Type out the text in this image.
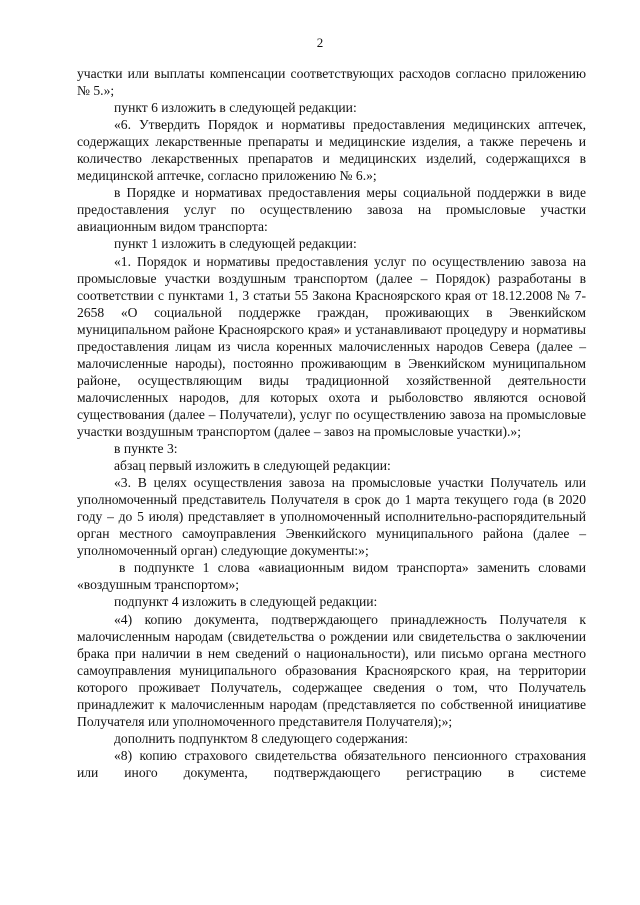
2

участки или выплаты компенсации соответствующих расходов согласно приложению № 5.»;

пункт 6 изложить в следующей редакции:

«6. Утвердить Порядок и нормативы предоставления медицинских аптечек, содержащих лекарственные препараты и медицинские изделия, а также перечень и количество лекарственных препаратов и медицинских изделий, содержащихся в медицинской аптечке, согласно приложению № 6.»;

в Порядке и нормативах предоставления меры социальной поддержки в виде предоставления услуг по осуществлению завоза на промысловые участки авиационным видом транспорта:

пункт 1 изложить в следующей редакции:

«1. Порядок и нормативы предоставления услуг по осуществлению завоза на промысловые участки воздушным транспортом (далее – Порядок) разработаны в соответствии с пунктами 1, 3 статьи 55 Закона Красноярского края от 18.12.2008 № 7-2658 «О социальной поддержке граждан, проживающих в Эвенкийском муниципальном районе Красноярского края» и устанавливают процедуру и нормативы предоставления лицам из числа коренных малочисленных народов Севера (далее – малочисленные народы), постоянно проживающим в Эвенкийском муниципальном районе, осуществляющим виды традиционной хозяйственной деятельности малочисленных народов, для которых охота и рыболовство являются основой существования (далее – Получатели), услуг по осуществлению завоза на промысловые участки воздушным транспортом (далее – завоз на промысловые участки).»;

в пункте 3:

абзац первый изложить в следующей редакции:

«3. В целях осуществления завоза на промысловые участки Получатель или уполномоченный представитель Получателя в срок до 1 марта текущего года (в 2020 году – до 5 июля) представляет в уполномоченный исполнительно-распорядительный орган местного самоуправления Эвенкийского муниципального района (далее – уполномоченный орган) следующие документы:»;

в подпункте 1 слова «авиационным видом транспорта» заменить словами «воздушным транспортом»;

подпункт 4 изложить в следующей редакции:

«4) копию документа, подтверждающего принадлежность Получателя к малочисленным народам (свидетельства о рождении или свидетельства о заключении брака при наличии в нем сведений о национальности), или письмо органа местного самоуправления муниципального образования Красноярского края, на территории которого проживает Получатель, содержащее сведения о том, что Получатель принадлежит к малочисленным народам (представляется по собственной инициативе Получателя или уполномоченного представителя Получателя);»;

дополнить подпунктом 8 следующего содержания:

«8) копию страхового свидетельства обязательного пенсионного страхования или иного документа, подтверждающего регистрацию в системе
